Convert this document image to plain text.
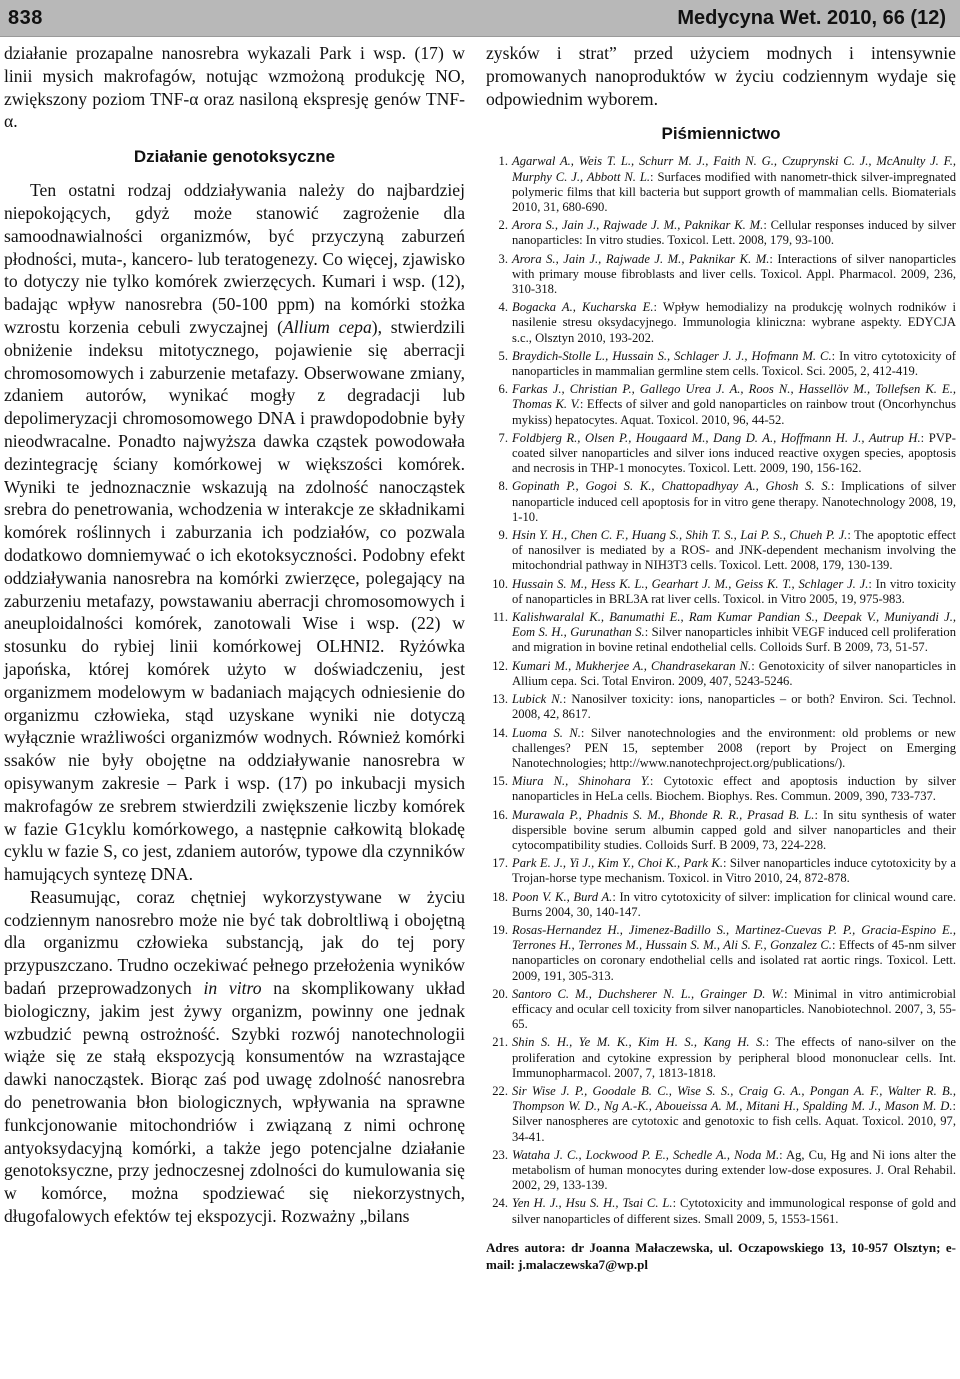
838	Medycyna Wet. 2010, 66 (12)

działanie prozapalne nanosrebra wykazali Park i wsp. (17) w linii mysich makrofagów, notując wzmożoną produkcję NO, zwiększony poziom TNF-α oraz nasiloną ekspresję genów TNF-α.

Działanie genotoksyczne

Ten ostatni rodzaj oddziaływania należy do najbardziej niepokojących, gdyż może stanowić zagrożenie dla samoodnawialności organizmów, być przyczyną zaburzeń płodności, muta-, kancero- lub teratogenezy. Co więcej, zjawisko to dotyczy nie tylko komórek zwierzęcych. Kumari i wsp. (12), badając wpływ nanosrebra (50-100 ppm) na komórki stożka wzrostu korzenia cebuli zwyczajnej (Allium cepa), stwierdzili obniżenie indeksu mitotycznego, pojawienie się aberracji chromosomowych i zaburzenie metafazy. Obserwowane zmiany, zdaniem autorów, wynikać mogły z degradacji lub depolimeryzacji chromosomowego DNA i prawdopodobnie były nieodwracalne. Ponadto najwyższa dawka cząstek powodowała dezintegrację ściany komórkowej w większości komórek. Wyniki te jednoznacznie wskazują na zdolność nanocząstek srebra do penetrowania, wchodzenia w interakcje ze składnikami komórek roślinnych i zaburzania ich podziałów, co pozwala dodatkowo domniemywać o ich ekotoksyczności. Podobny efekt oddziaływania nanosrebra na komórki zwierzęce, polegający na zaburzeniu metafazy, powstawaniu aberracji chromosomowych i aneuploidalności komórek, zanotowali Wise i wsp. (22) w stosunku do rybiej linii komórkowej OLHNI2. Ryżówka japońska, której komórek użyto w doświadczeniu, jest organizmem modelowym w badaniach mających odniesienie do organizmu człowieka, stąd uzyskane wyniki nie dotyczą wyłącznie wrażliwości organizmów wodnych. Również komórki ssaków nie były obojętne na oddziaływanie nanosrebra w opisywanym zakresie – Park i wsp. (17) po inkubacji mysich makrofagów ze srebrem stwierdzili zwiększenie liczby komórek w fazie G1cyklu komórkowego, a następnie całkowitą blokadę cyklu w fazie S, co jest, zdaniem autorów, typowe dla czynników hamujących syntezę DNA.

Reasumując, coraz chętniej wykorzystywane w życiu codziennym nanosrebro może nie być tak dobroltliwą i obojętną dla organizmu człowieka substancją, jak do tej pory przypuszczano. Trudno oczekiwać pełnego przełożenia wyników badań przeprowadzonych in vitro na skomplikowany układ biologiczny, jakim jest żywy organizm, powinny one jednak wzbudzić pewną ostrożność. Szybki rozwój nanotechnologii wiąże się ze stałą ekspozycją konsumentów na wzrastające dawki nanocząstek. Biorąc zaś pod uwagę zdolność nanosrebra do penetrowania błon biologicznych, wpływania na sprawne funkcjonowanie mitochondriów i związaną z nimi ochronę antyoksydacyjną komórki, a także jego potencjalne działanie genotoksyczne, przy jednoczesnej zdolności do kumulowania się w komórce, można spodziewać się niekorzystnych, długofalowych efektów tej ekspozycji. Rozważny „bilans

zysków i strat” przed użyciem modnych i intensywnie promowanych nanoproduktów w życiu codziennym wydaje się odpowiednim wyborem.

Piśmiennictwo
1. Agarwal A., Weis T. L., Schurr M. J., Faith N. G., Czuprynski C. J., McAnulty J. F., Murphy C. J., Abbott N. L.: Surfaces modified with nanometr-thick silver-impregnated polymeric films that kill bacteria but support growth of mammalian cells. Biomaterials 2010, 31, 680-690.
2. Arora S., Jain J., Rajwade J. M., Paknikar K. M.: Cellular responses induced by silver nanoparticles: In vitro studies. Toxicol. Lett. 2008, 179, 93-100.
3. Arora S., Jain J., Rajwade J. M., Paknikar K. M.: Interactions of silver nanoparticles with primary mouse fibroblasts and liver cells. Toxicol. Appl. Pharmacol. 2009, 236, 310-318.
4. Bogacka A., Kucharska E.: Wpływ hemodializy na produkcję wolnych rodników i nasilenie stresu oksydacyjnego. Immunologia kliniczna: wybrane aspekty. EDYCJA s.c., Olsztyn 2010, 193-202.
5. Braydich-Stolle L., Hussain S., Schlager J. J., Hofmann M. C.: In vitro cytotoxicity of nanoparticles in mammalian germline stem cells. Toxicol. Sci. 2005, 2, 412-419.
6. Farkas J., Christian P., Gallego Urea J. A., Roos N., Hassellöv M., Tollefsen K. E., Thomas K. V.: Effects of silver and gold nanoparticles on rainbow trout (Oncorhynchus mykiss) hepatocytes. Aquat. Toxicol. 2010, 96, 44-52.
7. Foldbjerg R., Olsen P., Hougaard M., Dang D. A., Hoffmann H. J., Autrup H.: PVP-coated silver nanoparticles and silver ions induced reactive oxygen species, apoptosis and necrosis in THP-1 monocytes. Toxicol. Lett. 2009, 190, 156-162.
8. Gopinath P., Gogoi S. K., Chattopadhyay A., Ghosh S. S.: Implications of silver nanoparticle induced cell apoptosis for in vitro gene therapy. Nanotechnology 2008, 19, 1-10.
9. Hsin Y. H., Chen C. F., Huang S., Shih T. S., Lai P. S., Chueh P. J.: The apoptotic effect of nanosilver is mediated by a ROS- and JNK-dependent mechanism involving the mitochondrial pathway in NIH3T3 cells. Toxicol. Lett. 2008, 179, 130-139.
10. Hussain S. M., Hess K. L., Gearhart J. M., Geiss K. T., Schlager J. J.: In vitro toxicity of nanoparticles in BRL3A rat liver cells. Toxicol. in Vitro 2005, 19, 975-983.
11. Kalishwaralal K., Banumathi E., Ram Kumar Pandian S., Deepak V., Muniyandi J., Eom S. H., Gurunathan S.: Silver nanoparticles inhibit VEGF induced cell proliferation and migration in bovine retinal endothelial cells. Colloids Surf. B 2009, 73, 51-57.
12. Kumari M., Mukherjee A., Chandrasekaran N.: Genotoxicity of silver nanoparticles in Allium cepa. Sci. Total Environ. 2009, 407, 5243-5246.
13. Lubick N.: Nanosilver toxicity: ions, nanoparticles – or both? Environ. Sci. Technol. 2008, 42, 8617.
14. Luoma S. N.: Silver nanotechnologies and the environment: old problems or new challenges? PEN 15, september 2008 (report by Project on Emerging Nanotechnologies; http://www.nanotechproject.org/publications/).
15. Miura N., Shinohara Y.: Cytotoxic effect and apoptosis induction by silver nanoparticles in HeLa cells. Biochem. Biophys. Res. Commun. 2009, 390, 733-737.
16. Murawala P., Phadnis S. M., Bhonde R. R., Prasad B. L.: In situ synthesis of water dispersible bovine serum albumin capped gold and silver nanoparticles and their cytocompatibility studies. Colloids Surf. B 2009, 73, 224-228.
17. Park E. J., Yi J., Kim Y., Choi K., Park K.: Silver nanoparticles induce cytotoxicity by a Trojan-horse type mechanism. Toxicol. in Vitro 2010, 24, 872-878.
18. Poon V. K., Burd A.: In vitro cytotoxicity of silver: implication for clinical wound care. Burns 2004, 30, 140-147.
19. Rosas-Hernandez H., Jimenez-Badillo S., Martinez-Cuevas P. P., Gracia-Espino E., Terrones H., Terrones M., Hussain S. M., Ali S. F., Gonzalez C.: Effects of 45-nm silver nanoparticles on coronary endothelial cells and isolated rat aortic rings. Toxicol. Lett. 2009, 191, 305-313.
20. Santoro C. M., Duchsherer N. L., Grainger D. W.: Minimal in vitro antimicrobial efficacy and ocular cell toxicity from silver nanoparticles. Nanobiotechnol. 2007, 3, 55-65.
21. Shin S. H., Ye M. K., Kim H. S., Kang H. S.: The effects of nano-silver on the proliferation and cytokine expression by peripheral blood mononuclear cells. Int. Immunopharmacol. 2007, 7, 1813-1818.
22. Sir Wise J. P., Goodale B. C., Wise S. S., Craig G. A., Pongan A. F., Walter R. B., Thompson W. D., Ng A.-K., Aboueissa A. M., Mitani H., Spalding M. J., Mason M. D.: Silver nanospheres are cytotoxic and genotoxic to fish cells. Aquat. Toxicol. 2010, 97, 34-41.
23. Wataha J. C., Lockwood P. E., Schedle A., Noda M.: Ag, Cu, Hg and Ni ions alter the metabolism of human monocytes during extender low-dose exposures. J. Oral Rehabil. 2002, 29, 133-139.
24. Yen H. J., Hsu S. H., Tsai C. L.: Cytotoxicity and immunological response of gold and silver nanoparticles of different sizes. Small 2009, 5, 1553-1561.
Adres autora: dr Joanna Małaczewska, ul. Oczapowskiego 13, 10-957 Olsztyn; e-mail: j.malaczewska7@wp.pl
